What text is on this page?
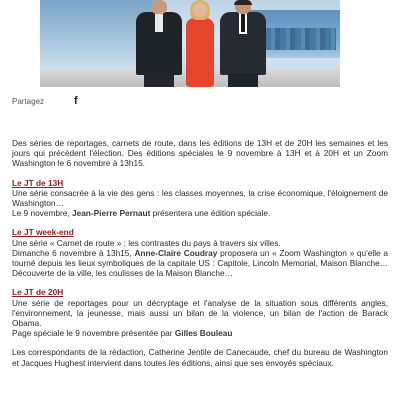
Partagez	f

Des séries de reportages, carnets de route, dans les éditions de 13H et de 20H les semaines et les jours qui précèdent l'élection. Des éditions spéciales le 9 novembre à 13H et à 20H et un Zoom Washington le 6 novembre à 13h15.

Le JT de 13H
Une série consacrée à la vie des gens : les classes moyennes, la crise économique, l'éloignement de Washington…

Le 9 novembre, Jean-Pierre Pernaut présentera une édition spéciale.

Le JT week-end
Une série « Carnet de route » : les contrastes du pays à travers six villes.

Dimanche 6 novembre à 13h15, Anne-Claire Coudray proposera un « Zoom Washington » qu'elle a tourné depuis les lieux symboliques de la capitale US : Capitole, Lincoln Memorial, Maison Blanche… Découverte de la ville, les coulisses de la Maison Blanche…

Le JT de 20H
Une série de reportages pour un décryptage et l'analyse de la situation sous différents angles, l'environnement, la jeunesse, mais aussi un bilan de la violence, un bilan de l'action de Barack Obama.

Page spéciale le 9 novembre présentée par Gilles Bouleau

Les correspondants de la rédaction, Catherine Jentile de Canecaude, chef du bureau de Washington et Jacques Hughest intervient dans toutes les éditions, ainsi que ses envoyés spéciaux.
